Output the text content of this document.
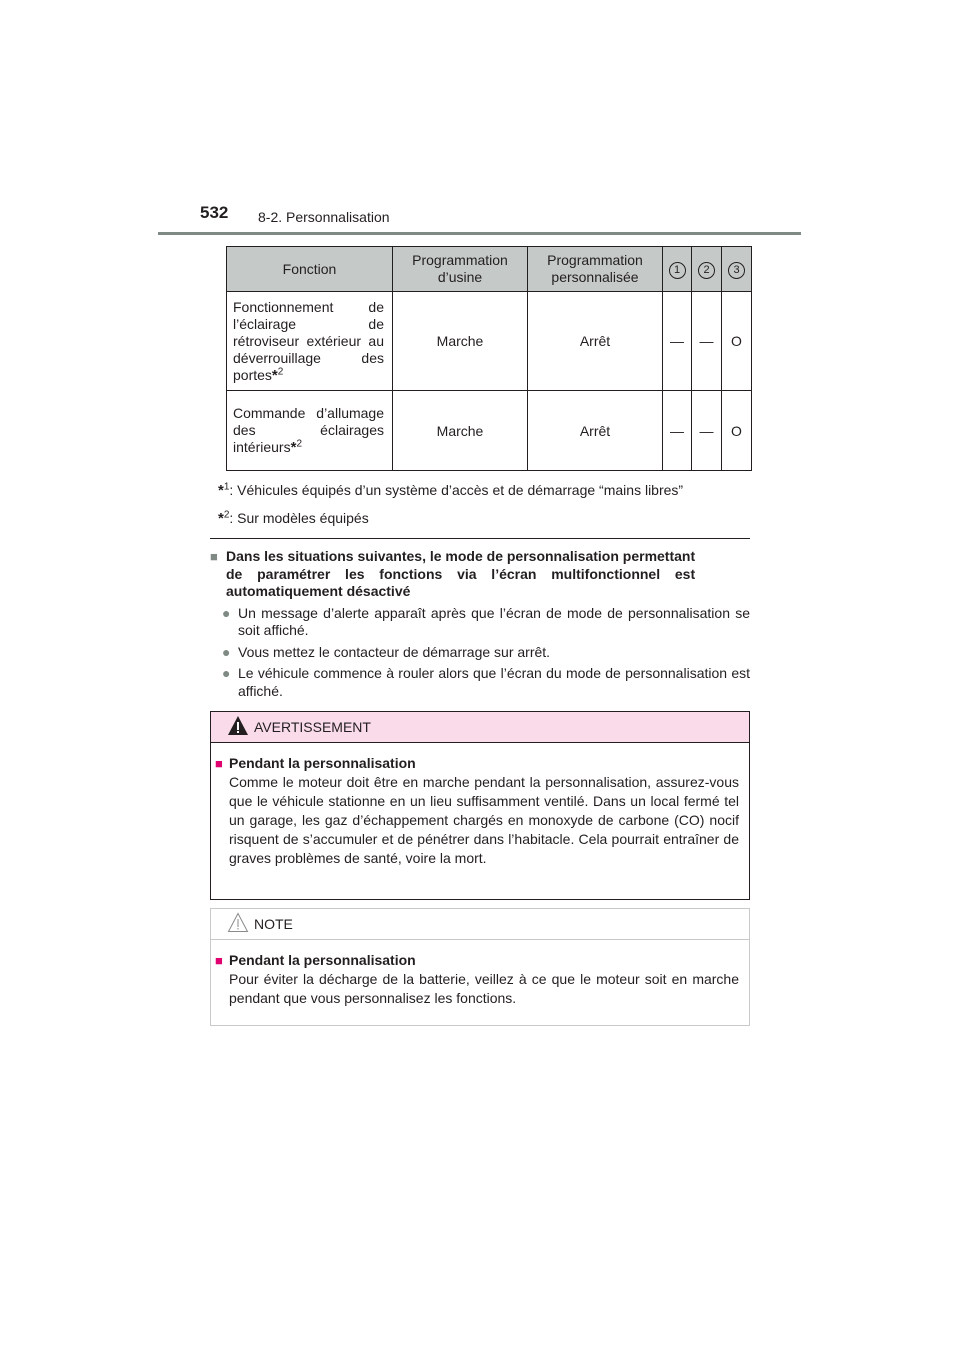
532 8-2. Personnalisation
Fonction	Programmation d’usine	Programmation personnalisée	1	2	3
Fonctionnement de l’éclairage de rétroviseur extérieur au déverrouillage des portes*$^2$	Marche	Arrêt	—	—	O
Commande d’allumage des éclairages intérieurs*$^2$	Marche	Arrêt	—	—	O
*$^1$: Véhicules équipés d’un système d’accès et de démarrage “mains libres”
*$^2$: Sur modèles équipés
■ Dans les situations suivantes, le mode de personnalisation permettant
de paramétrer les fonctions via l’écran multifonctionnel est
automatiquement désactivé
● Un message d’alerte apparaît après que l’écran de mode de personnalisation se soit affiché.
● Vous mettez le contacteur de démarrage sur arrêt.
● Le véhicule commence à rouler alors que l’écran du mode de personnalisation est affiché.
AVERTISSEMENT
■ Pendant la personnalisation
Comme le moteur doit être en marche pendant la personnalisation, assurez-vous que le véhicule stationne en un lieu suffisamment ventilé. Dans un local fermé tel un garage, les gaz d’échappement chargés en monoxyde de carbone (CO) nocif risquent de s’accumuler et de pénétrer dans l’habitacle. Cela pourrait entraîner de graves problèmes de santé, voire la mort.
NOTE
■ Pendant la personnalisation
Pour éviter la décharge de la batterie, veillez à ce que le moteur soit en marche pendant que vous personnalisez les fonctions.
